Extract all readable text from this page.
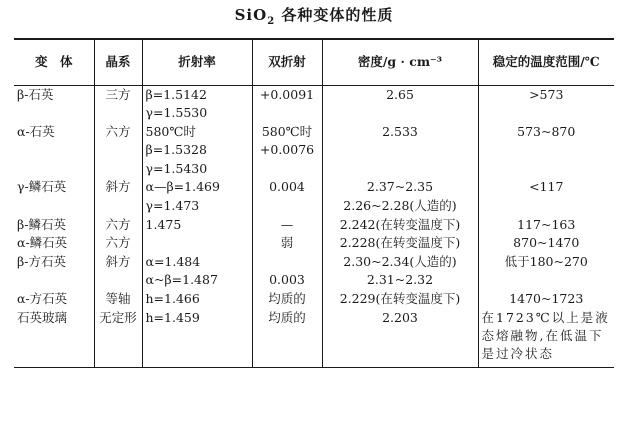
SiO$_2$ 各种变体的性质
变　体	晶系	折射率	双折射	密度/g · cm⁻³	稳定的温度范围/℃
β-石英	三方	β=1.5142	+0.0091	2.65	>573
		γ=1.5530			
α-石英	六方	580℃时	580℃时	2.533	573~870
		β=1.5328	+0.0076		
		γ=1.5430			
γ-鳞石英	斜方	α—β=1.469	0.004	2.37~2.35	<117
		γ=1.473		2.26~2.28(人造的)	
β-鳞石英	六方	1.475	—	2.242(在转变温度下)	117~163
α-鳞石英	六方		弱	2.228(在转变温度下)	870~1470
β-方石英	斜方	α=1.484		2.30~2.34(人造的)	低于180~270
		α~β=1.487	0.003	2.31~2.32	
α-方石英	等轴	h=1.466	均质的	2.229(在转变温度下)	1470~1723
石英玻璃	无定形	h=1.459	均质的	2.203	在1723℃以上是液态熔融物,在低温下是过冷状态
